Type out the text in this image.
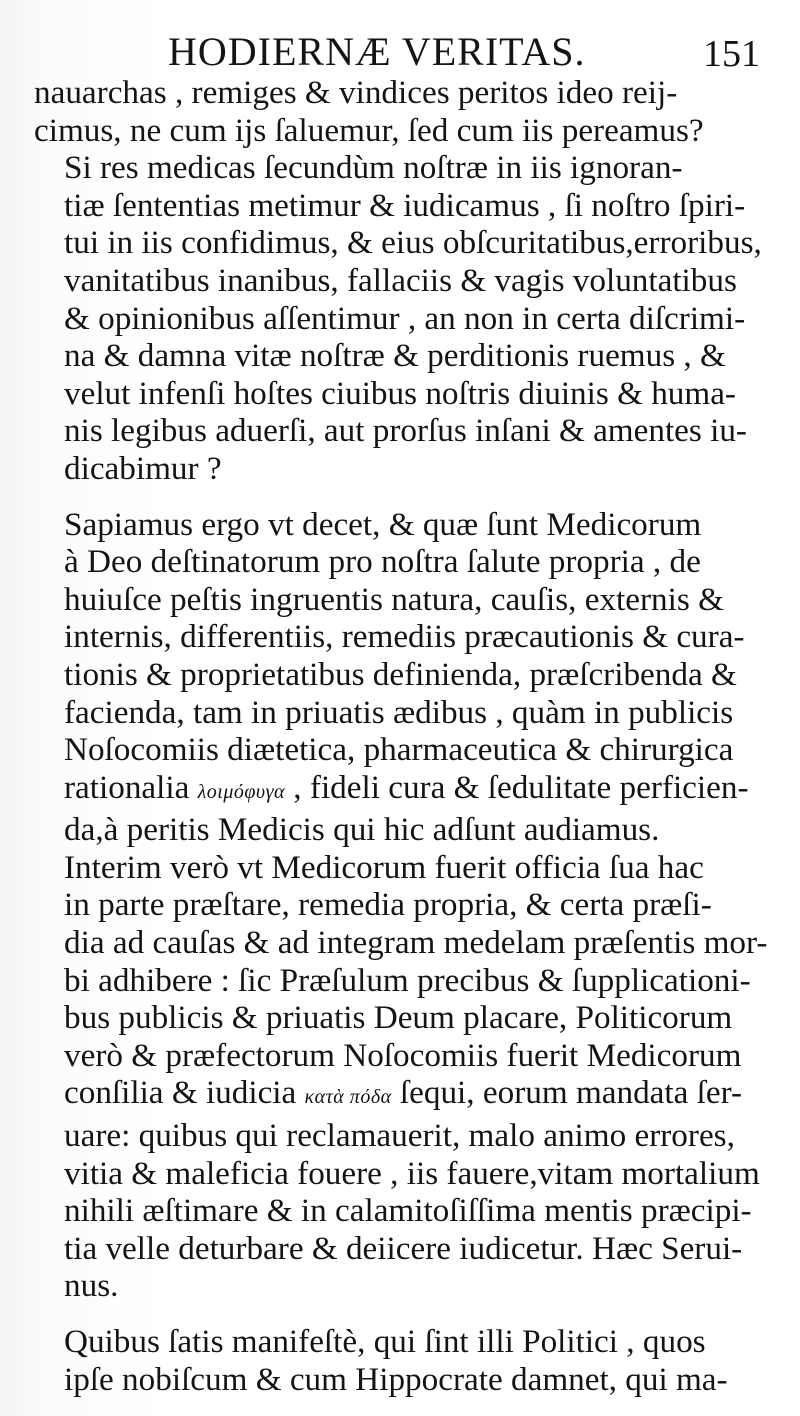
HODIERNÆ VERITAS.	151

nauarchas , remiges & vindices peritos ideo reij-
cimus, ne cum ijs ſaluemur, ſed cum iis pereamus?

Si res medicas ſecundùm noſtræ in iis ignoran-
tiæ ſententias metimur & iudicamus , ſi noſtro ſpiri-
tui in iis confidimus, & eius obſcuritatibus,erroribus,
vanitatibus inanibus, fallaciis & vagis voluntatibus
& opinionibus aſſentimur , an non in certa diſcrimi-
na & damna vitæ noſtræ & perditionis ruemus , &
velut infenſi hoſtes ciuibus noſtris diuinis & huma-
nis legibus aduerſi, aut prorſus inſani & amentes iu-
dicabimur ?

Sapiamus ergo vt decet, & quæ ſunt Medicorum
à Deo deſtinatorum pro noſtra ſalute propria , de
huiuſce peſtis ingruentis natura, cauſis, externis &
internis, differentiis, remediis præcautionis & cura-
tionis & proprietatibus definienda, præſcribenda &
facienda, tam in priuatis ædibus , quàm in publicis
Noſocomiis diætetica, pharmaceutica & chirurgica
rationalia λοιμόφυγα , fideli cura & ſedulitate perficien-
da,à peritis Medicis qui hic adſunt audiamus.

Interim verò vt Medicorum fuerit officia ſua hac
in parte præſtare, remedia propria, & certa præſi-
dia ad cauſas & ad integram medelam præſentis mor-
bi adhibere : ſic Præſulum precibus & ſupplicationi-
bus publicis & priuatis Deum placare, Politicorum
verò & præfectorum Noſocomiis fuerit Medicorum
conſilia & iudicia κατὰ πόδα ſequi, eorum mandata ſer-
uare: quibus qui reclamauerit, malo animo errores,
vitia & maleficia fouere , iis fauere,vitam mortalium
nihili æſtimare & in calamitoſiſſima mentis præcipi-
tia velle deturbare & deiicere iudicetur. Hæc Serui-
nus.

Quibus ſatis manifeſtè, qui ſint illi Politici , quos
ipſe nobiſcum & cum Hippocrate damnet, qui ma-
